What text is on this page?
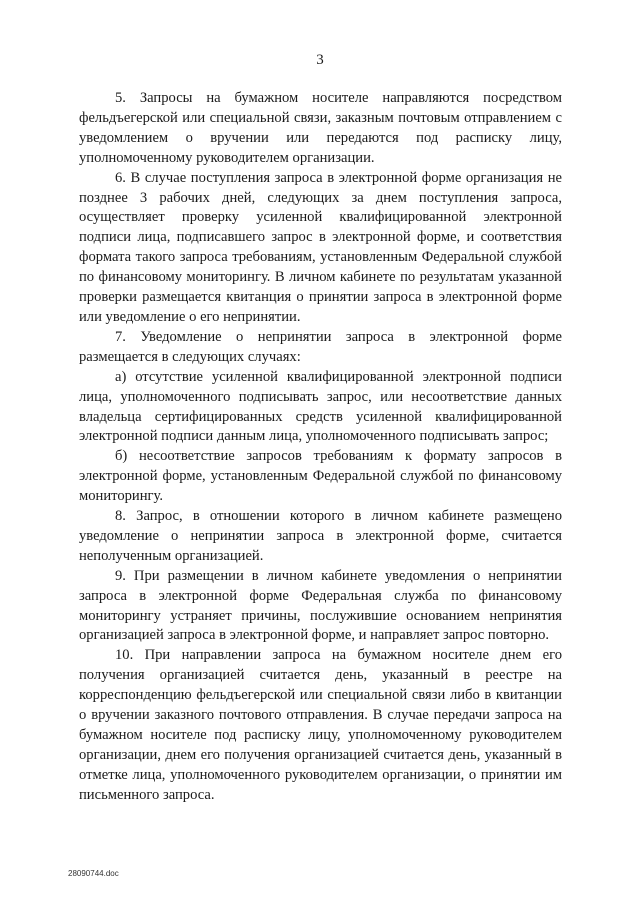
3

5. Запросы на бумажном носителе направляются посредством фельдъегерской или специальной связи, заказным почтовым отправлением с уведомлением о вручении или передаются под расписку лицу, уполномоченному руководителем организации.

6. В случае поступления запроса в электронной форме организация не позднее 3 рабочих дней, следующих за днем поступления запроса, осуществляет проверку усиленной квалифицированной электронной подписи лица, подписавшего запрос в электронной форме, и соответствия формата такого запроса требованиям, установленным Федеральной службой по финансовому мониторингу. В личном кабинете по результатам указанной проверки размещается квитанция о принятии запроса в электронной форме или уведомление о его непринятии.

7. Уведомление о непринятии запроса в электронной форме размещается в следующих случаях:

а) отсутствие усиленной квалифицированной электронной подписи лица, уполномоченного подписывать запрос, или несоответствие данных владельца сертифицированных средств усиленной квалифицированной электронной подписи данным лица, уполномоченного подписывать запрос;

б) несоответствие запросов требованиям к формату запросов в электронной форме, установленным Федеральной службой по финансовому мониторингу.

8. Запрос, в отношении которого в личном кабинете размещено уведомление о непринятии запроса в электронной форме, считается неполученным организацией.

9. При размещении в личном кабинете уведомления о непринятии запроса в электронной форме Федеральная служба по финансовому мониторингу устраняет причины, послужившие основанием непринятия организацией запроса в электронной форме, и направляет запрос повторно.

10. При направлении запроса на бумажном носителе днем его получения организацией считается день, указанный в реестре на корреспонденцию фельдъегерской или специальной связи либо в квитанции о вручении заказного почтового отправления. В случае передачи запроса на бумажном носителе под расписку лицу, уполномоченному руководителем организации, днем его получения организацией считается день, указанный в отметке лица, уполномоченного руководителем организации, о принятии им письменного запроса.

28090744.doc
